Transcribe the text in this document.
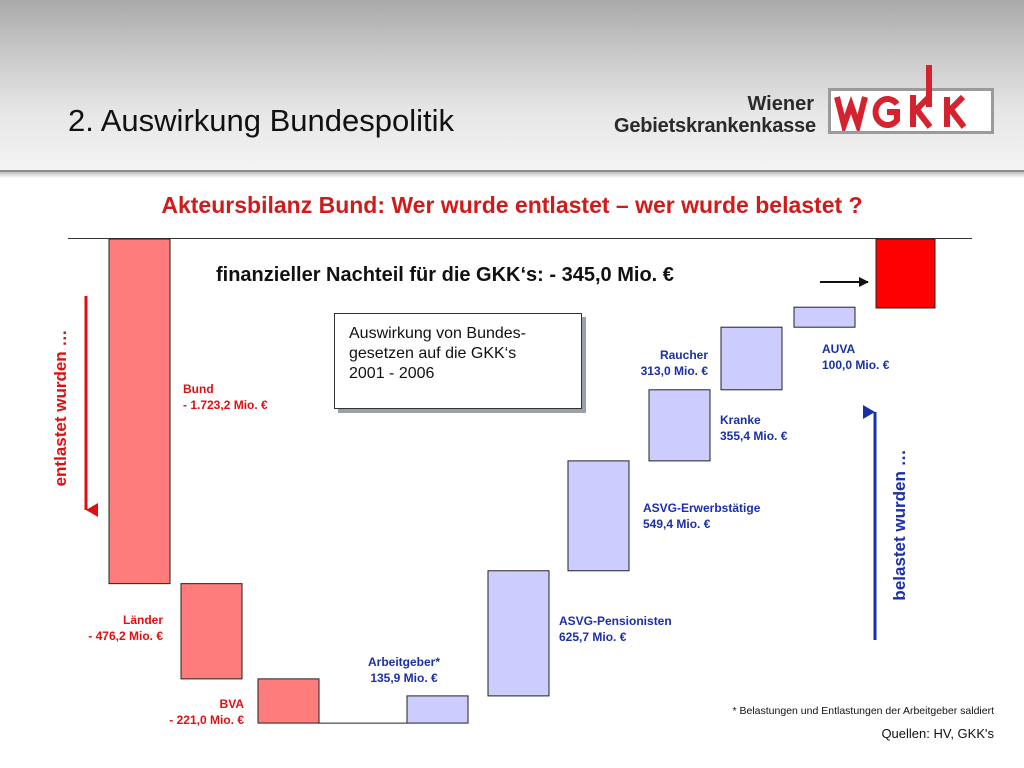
2. Auswirkung Bundespolitik	Wiener
Gebietskrankenkasse
Akteursbilanz Bund: Wer wurde entlastet – wer wurde belastet ?
finanzieller Nachteil für die GKK‘s: - 345,0 Mio. €
Auswirkung von Bundes-
gesetzen auf die GKK‘s
2001 - 2006
Bund
- 1.723,2 Mio. €
Länder
- 476,2 Mio. €
BVA
- 221,0 Mio. €
Arbeitgeber*
135,9 Mio. €
ASVG-Pensionisten
625,7 Mio. €
ASVG-Erwerbstätige
549,4 Mio. €
Kranke
355,4 Mio. €
Raucher
313,0 Mio. €
AUVA
100,0 Mio. €
entlastet wurden …
belastet wurden …
* Belastungen und Entlastungen der Arbeitgeber saldiert
Quellen: HV, GKK's
